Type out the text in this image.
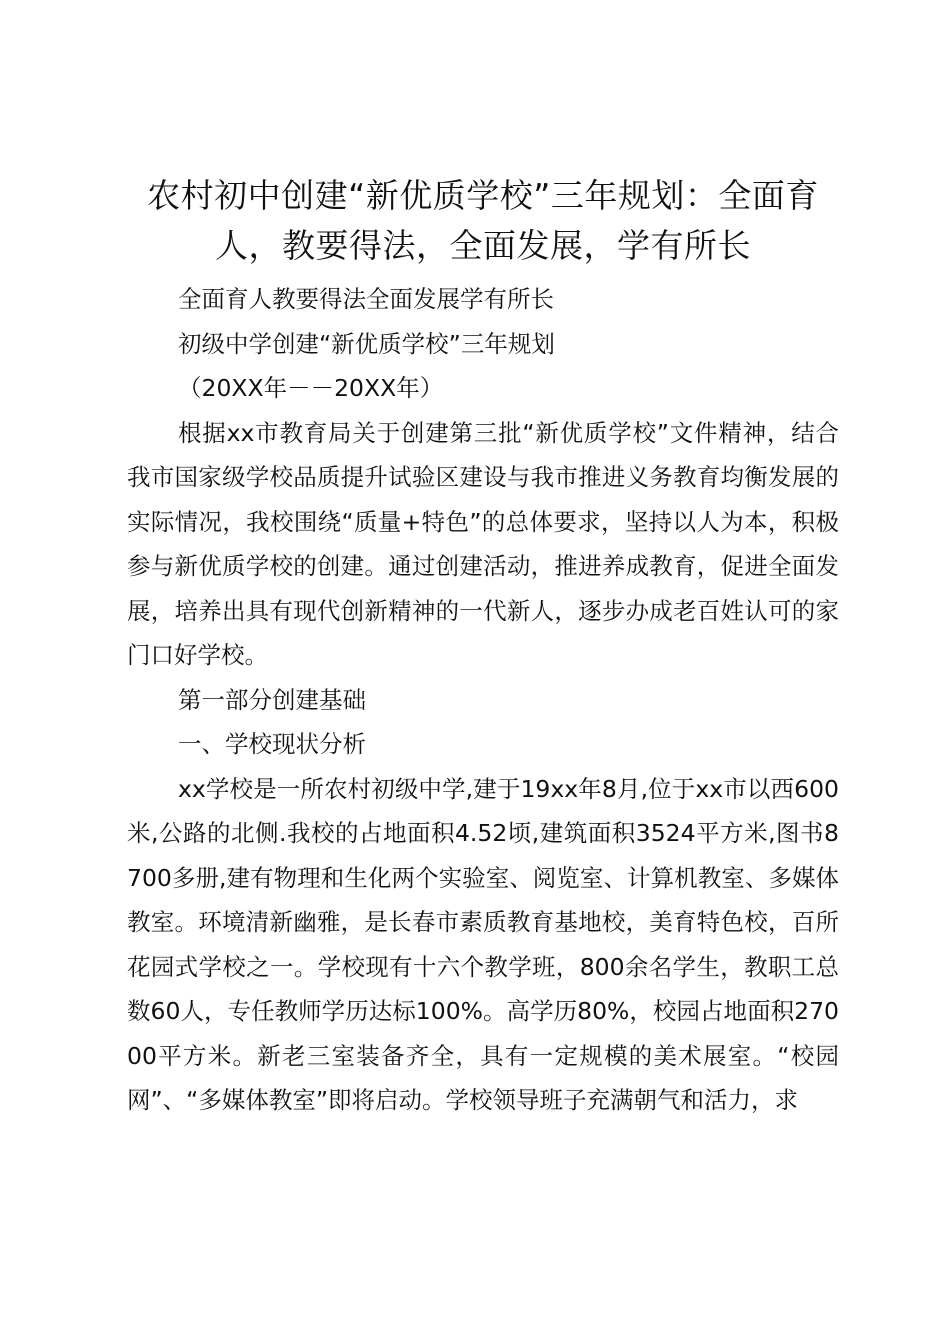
农村初中创建“新优质学校”三年规划：全面育人，教要得法，全面发展，学有所长

全面育人教要得法全面发展学有所长

初级中学创建“新优质学校”三年规划

（20XX年－－20XX年）

根据xx市教育局关于创建第三批“新优质学校”文件精神，结合我市国家级学校品质提升试验区建设与我市推进义务教育均衡发展的实际情况，我校围绕“质量+特色”的总体要求，坚持以人为本，积极参与新优质学校的创建。通过创建活动，推进养成教育，促进全面发展，培养出具有现代创新精神的一代新人，逐步办成老百姓认可的家门口好学校。

第一部分创建基础

一、学校现状分析

xx学校是一所农村初级中学,建于19xx年8月,位于xx市以西600米,公路的北侧.我校的占地面积4.52顷,建筑面积3524平方米,图书8700多册,建有物理和生化两个实验室、阅览室、计算机教室、多媒体教室。环境清新幽雅，是长春市素质教育基地校，美育特色校，百所花园式学校之一。学校现有十六个教学班，800余名学生，教职工总数60人，专任教师学历达标100%。高学历80%，校园占地面积27000平方米。新老三室装备齐全，具有一定规模的美术展室。“校园网”、“多媒体教室”即将启动。学校领导班子充满朝气和活力，求
